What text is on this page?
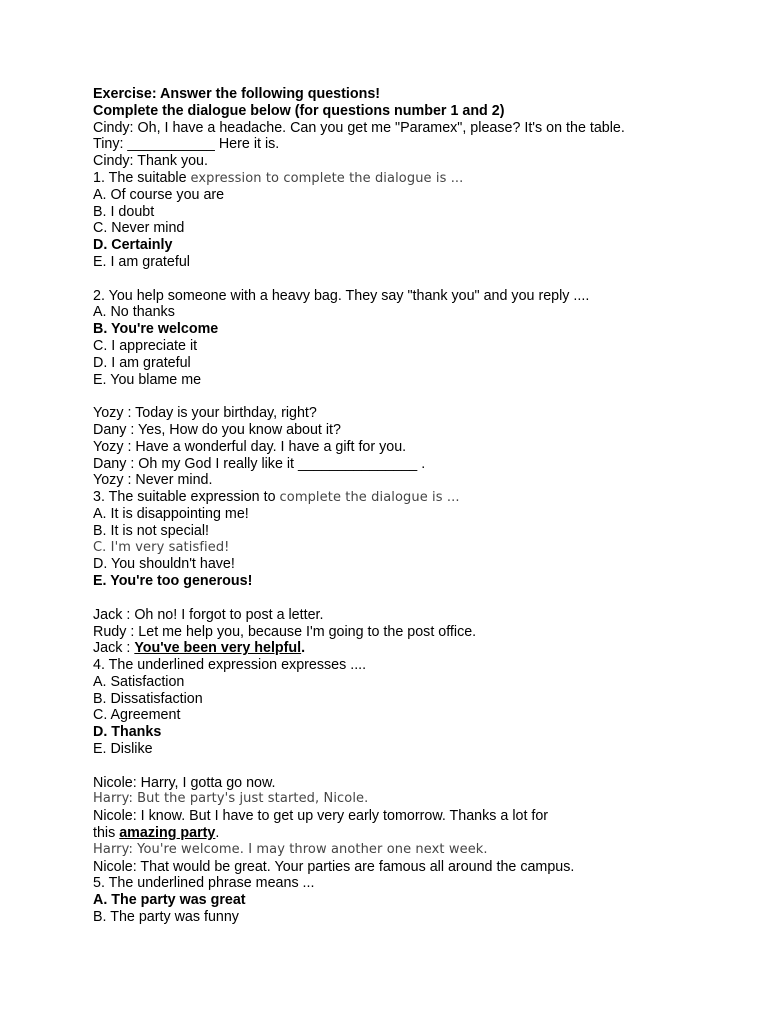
Exercise: Answer the following questions!
Complete the dialogue below (for questions number 1 and 2)
Cindy: Oh, I have a headache. Can you get me "Paramex", please? It's on the table.
Tiny: ___________ Here it is.
Cindy: Thank you.
1. The suitable expression to complete the dialogue is ...
A. Of course you are
B. I doubt
C. Never mind
D. Certainly
E. I am grateful
2. You help someone with a heavy bag. They say "thank you" and you reply ....
A. No thanks
B. You're welcome
C. I appreciate it
D. I am grateful
E. You blame me
Yozy : Today is your birthday, right?
Dany : Yes, How do you know about it?
Yozy : Have a wonderful day. I have a gift for you.
Dany : Oh my God I really like it _______________ .
Yozy : Never mind.
3. The suitable expression to complete the dialogue is ...
A. It is disappointing me!
B. It is not special!
C. I'm very satisfied!
D. You shouldn't have!
E. You're too generous!
Jack : Oh no! I forgot to post a letter.
Rudy : Let me help you, because I'm going to the post office.
Jack : You've been very helpful.
4. The underlined expression expresses ....
A. Satisfaction
B. Dissatisfaction
C. Agreement
D. Thanks
E. Dislike
Nicole: Harry, I gotta go now.
Harry: But the party's just started, Nicole.
Nicole: I know. But I have to get up very early tomorrow. Thanks a lot for
this amazing party.
Harry: You're welcome. I may throw another one next week.
Nicole: That would be great. Your parties are famous all around the campus.
5. The underlined phrase means ...
A. The party was great
B. The party was funny
